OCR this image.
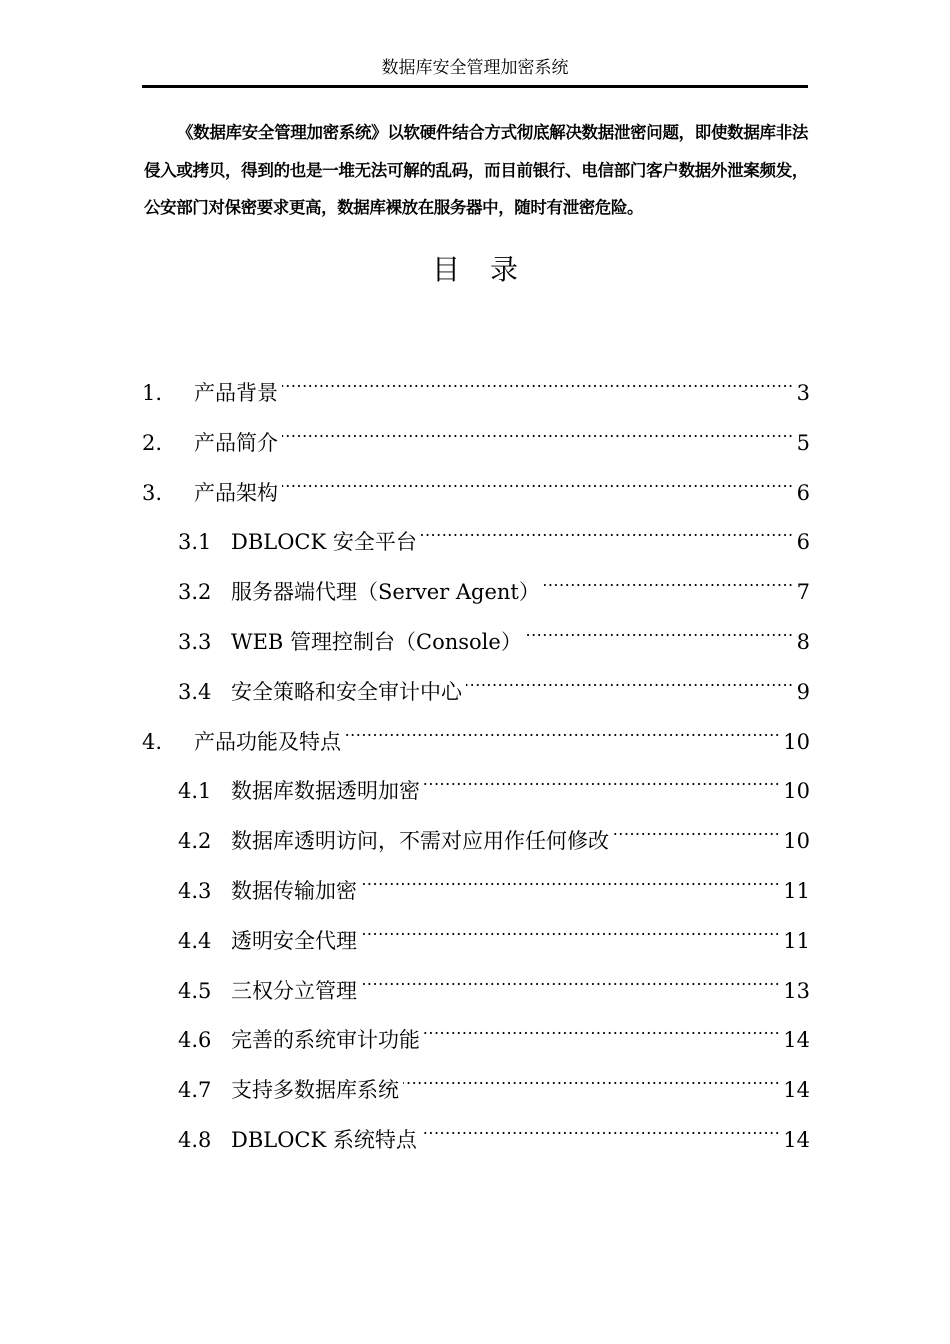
数据库安全管理加密系统

《数据库安全管理加密系统》以软硬件结合方式彻底解决数据泄密问题，即使数据库非法侵入或拷贝，得到的也是一堆无法可解的乱码，而目前银行、电信部门客户数据外泄案频发，公安部门对保密要求更高，数据库裸放在服务器中，随时有泄密危险。

目录
1.	产品背景 .....	3
2.	产品简介 .....	5
3.	产品架构 .....	6
3.1 DBLOCK 安全平台 .....	6
3.2 服务器端代理（Server Agent） .....	7
3.3 WEB 管理控制台（Console） .....	8
3.4 安全策略和安全审计中心 .....	9
4.	产品功能及特点 .....	10
4.1 数据库数据透明加密 .....	10
4.2 数据库透明访问，不需对应用作任何修改 .....	10
4.3 数据传输加密 .....	11
4.4 透明安全代理 .....	11
4.5 三权分立管理 .....	13
4.6 完善的系统审计功能 .....	14
4.7 支持多数据库系统 .....	14
4.8 DBLOCK 系统特点 .....	14
